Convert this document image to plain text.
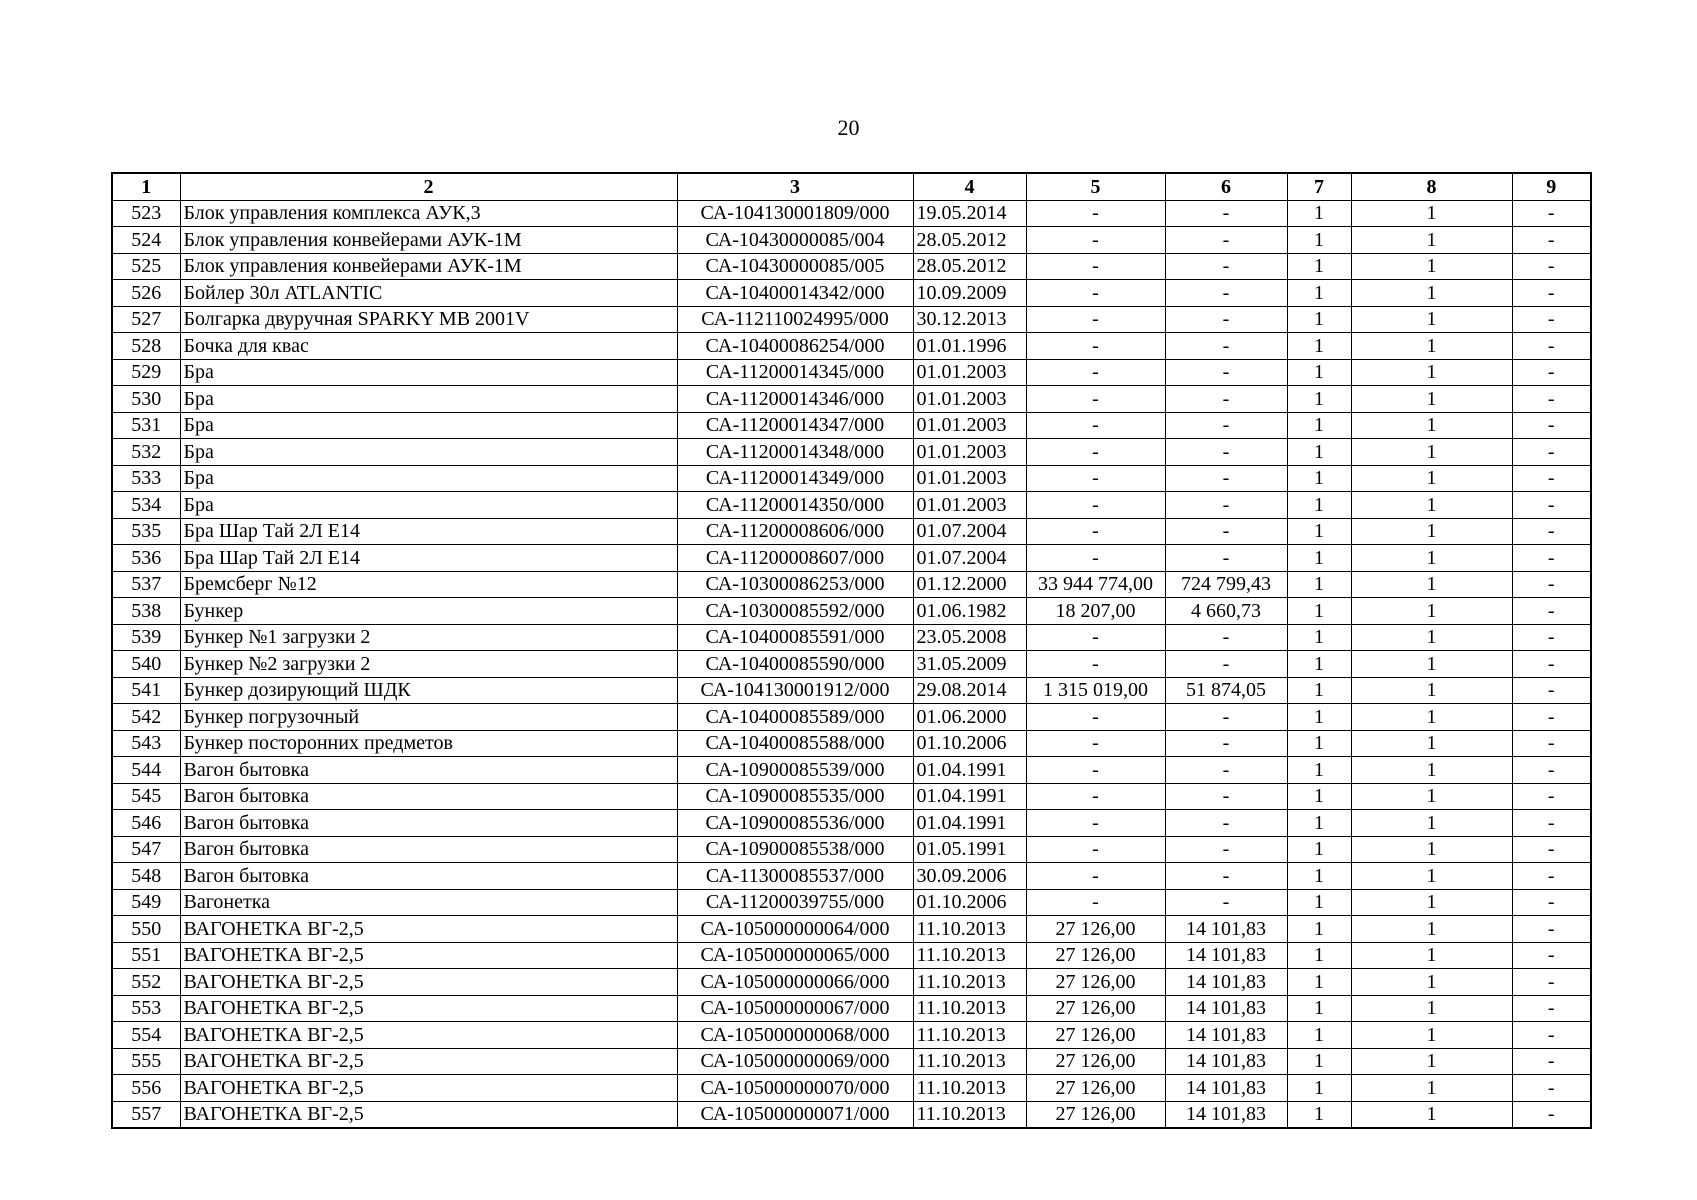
20
1	2	3	4	5	6	7	8	9
523	Блок управления комплекса АУК,3	СА-104130001809/000	19.05.2014	-	-	1	1	-
524	Блок управления конвейерами АУК-1М	СА-10430000085/004	28.05.2012	-	-	1	1	-
525	Блок управления конвейерами АУК-1М	СА-10430000085/005	28.05.2012	-	-	1	1	-
526	Бойлер 30л ATLANTIC	СА-10400014342/000	10.09.2009	-	-	1	1	-
527	Болгарка двуручная SPARKY MB 2001V	СА-112110024995/000	30.12.2013	-	-	1	1	-
528	Бочка для квас	СА-10400086254/000	01.01.1996	-	-	1	1	-
529	Бра	СА-11200014345/000	01.01.2003	-	-	1	1	-
530	Бра	СА-11200014346/000	01.01.2003	-	-	1	1	-
531	Бра	СА-11200014347/000	01.01.2003	-	-	1	1	-
532	Бра	СА-11200014348/000	01.01.2003	-	-	1	1	-
533	Бра	СА-11200014349/000	01.01.2003	-	-	1	1	-
534	Бра	СА-11200014350/000	01.01.2003	-	-	1	1	-
535	Бра Шар Тай 2Л Е14	СА-11200008606/000	01.07.2004	-	-	1	1	-
536	Бра Шар Тай 2Л Е14	СА-11200008607/000	01.07.2004	-	-	1	1	-
537	Бремсберг №12	СА-10300086253/000	01.12.2000	33 944 774,00	724 799,43	1	1	-
538	Бункер	СА-10300085592/000	01.06.1982	18 207,00	4 660,73	1	1	-
539	Бункер №1 загрузки 2	СА-10400085591/000	23.05.2008	-	-	1	1	-
540	Бункер №2 загрузки 2	СА-10400085590/000	31.05.2009	-	-	1	1	-
541	Бункер дозирующий ШДК	СА-104130001912/000	29.08.2014	1 315 019,00	51 874,05	1	1	-
542	Бункер погрузочный	СА-10400085589/000	01.06.2000	-	-	1	1	-
543	Бункер посторонних предметов	СА-10400085588/000	01.10.2006	-	-	1	1	-
544	Вагон бытовка	СА-10900085539/000	01.04.1991	-	-	1	1	-
545	Вагон бытовка	СА-10900085535/000	01.04.1991	-	-	1	1	-
546	Вагон бытовка	СА-10900085536/000	01.04.1991	-	-	1	1	-
547	Вагон бытовка	СА-10900085538/000	01.05.1991	-	-	1	1	-
548	Вагон бытовка	СА-11300085537/000	30.09.2006	-	-	1	1	-
549	Вагонетка	СА-11200039755/000	01.10.2006	-	-	1	1	-
550	ВАГОНЕТКА ВГ-2,5	СА-105000000064/000	11.10.2013	27 126,00	14 101,83	1	1	-
551	ВАГОНЕТКА ВГ-2,5	СА-105000000065/000	11.10.2013	27 126,00	14 101,83	1	1	-
552	ВАГОНЕТКА ВГ-2,5	СА-105000000066/000	11.10.2013	27 126,00	14 101,83	1	1	-
553	ВАГОНЕТКА ВГ-2,5	СА-105000000067/000	11.10.2013	27 126,00	14 101,83	1	1	-
554	ВАГОНЕТКА ВГ-2,5	СА-105000000068/000	11.10.2013	27 126,00	14 101,83	1	1	-
555	ВАГОНЕТКА ВГ-2,5	СА-105000000069/000	11.10.2013	27 126,00	14 101,83	1	1	-
556	ВАГОНЕТКА ВГ-2,5	СА-105000000070/000	11.10.2013	27 126,00	14 101,83	1	1	-
557	ВАГОНЕТКА ВГ-2,5	СА-105000000071/000	11.10.2013	27 126,00	14 101,83	1	1	-
